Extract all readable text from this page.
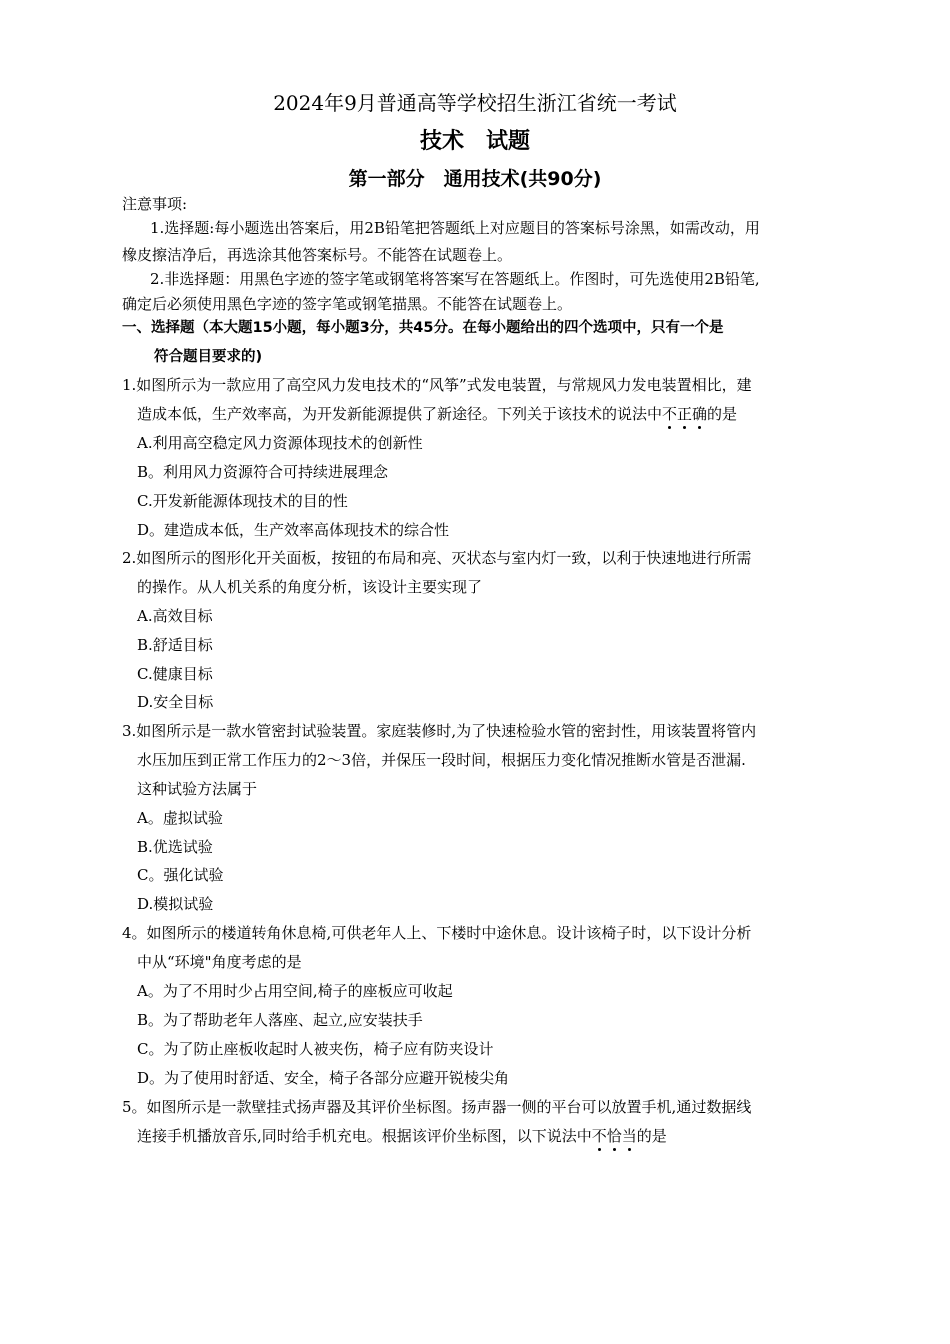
2024年9月普通高等学校招生浙江省统一考试
技术　试题
第一部分　通用技术(共90分)
注意事项:
1.选择题:每小题选出答案后，用2B铅笔把答题纸上对应题目的答案标号涂黑，如需改动，用
橡皮擦洁净后，再选涂其他答案标号。不能答在试题卷上。
2.非选择题：用黑色字迹的签字笔或钢笔将答案写在答题纸上。作图时，可先选使用2B铅笔,
确定后必须使用黑色字迹的签字笔或钢笔描黑。不能答在试题卷上。
一、选择题（本大题15小题，每小题3分，共45分。在每小题给出的四个选项中，只有一个是
符合题目要求的)
1.如图所示为一款应用了高空风力发电技术的“风筝”式发电装置，与常规风力发电装置相比，建
造成本低，生产效率高，为开发新能源提供了新途径。下列关于该技术的说法中不正确
的是
A.利用高空稳定风力资源体现技术的创新性
B。利用风力资源符合可持续进展理念
C.开发新能源体现技术的目的性
D。建造成本低，生产效率高体现技术的综合性
2.如图所示的图形化开关面板，按钮的布局和亮、灭状态与室内灯一致，以利于快速地进行所需
的操作。从人机关系的角度分析，该设计主要实现了
A.高效目标
B.舒适目标
C.健康目标
D.安全目标
3.如图所示是一款水管密封试验装置。家庭装修时,为了快速检验水管的密封性，用该装置将管内
水压加压到正常工作压力的2～3倍，并保压一段时间，根据压力变化情况推断水管是否泄漏.
这种试验方法属于
A。虚拟试验
B.优选试验
C。强化试验
D.模拟试验
4。如图所示的楼道转角休息椅,可供老年人上、下楼时中途休息。设计该椅子时，以下设计分析
中从“环境"角度考虑的是
A。为了不用时少占用空间,椅子的座板应可收起
B。为了帮助老年人落座、起立,应安装扶手
C。为了防止座板收起时人被夹伤，椅子应有防夹设计
D。为了使用时舒适、安全，椅子各部分应避开锐棱尖角
5。如图所示是一款壁挂式扬声器及其评价坐标图。扬声器一侧的平台可以放置手机,通过数据线
连接手机播放音乐,同时给手机充电。根据该评价坐标图，以下说法中不恰当
的是
